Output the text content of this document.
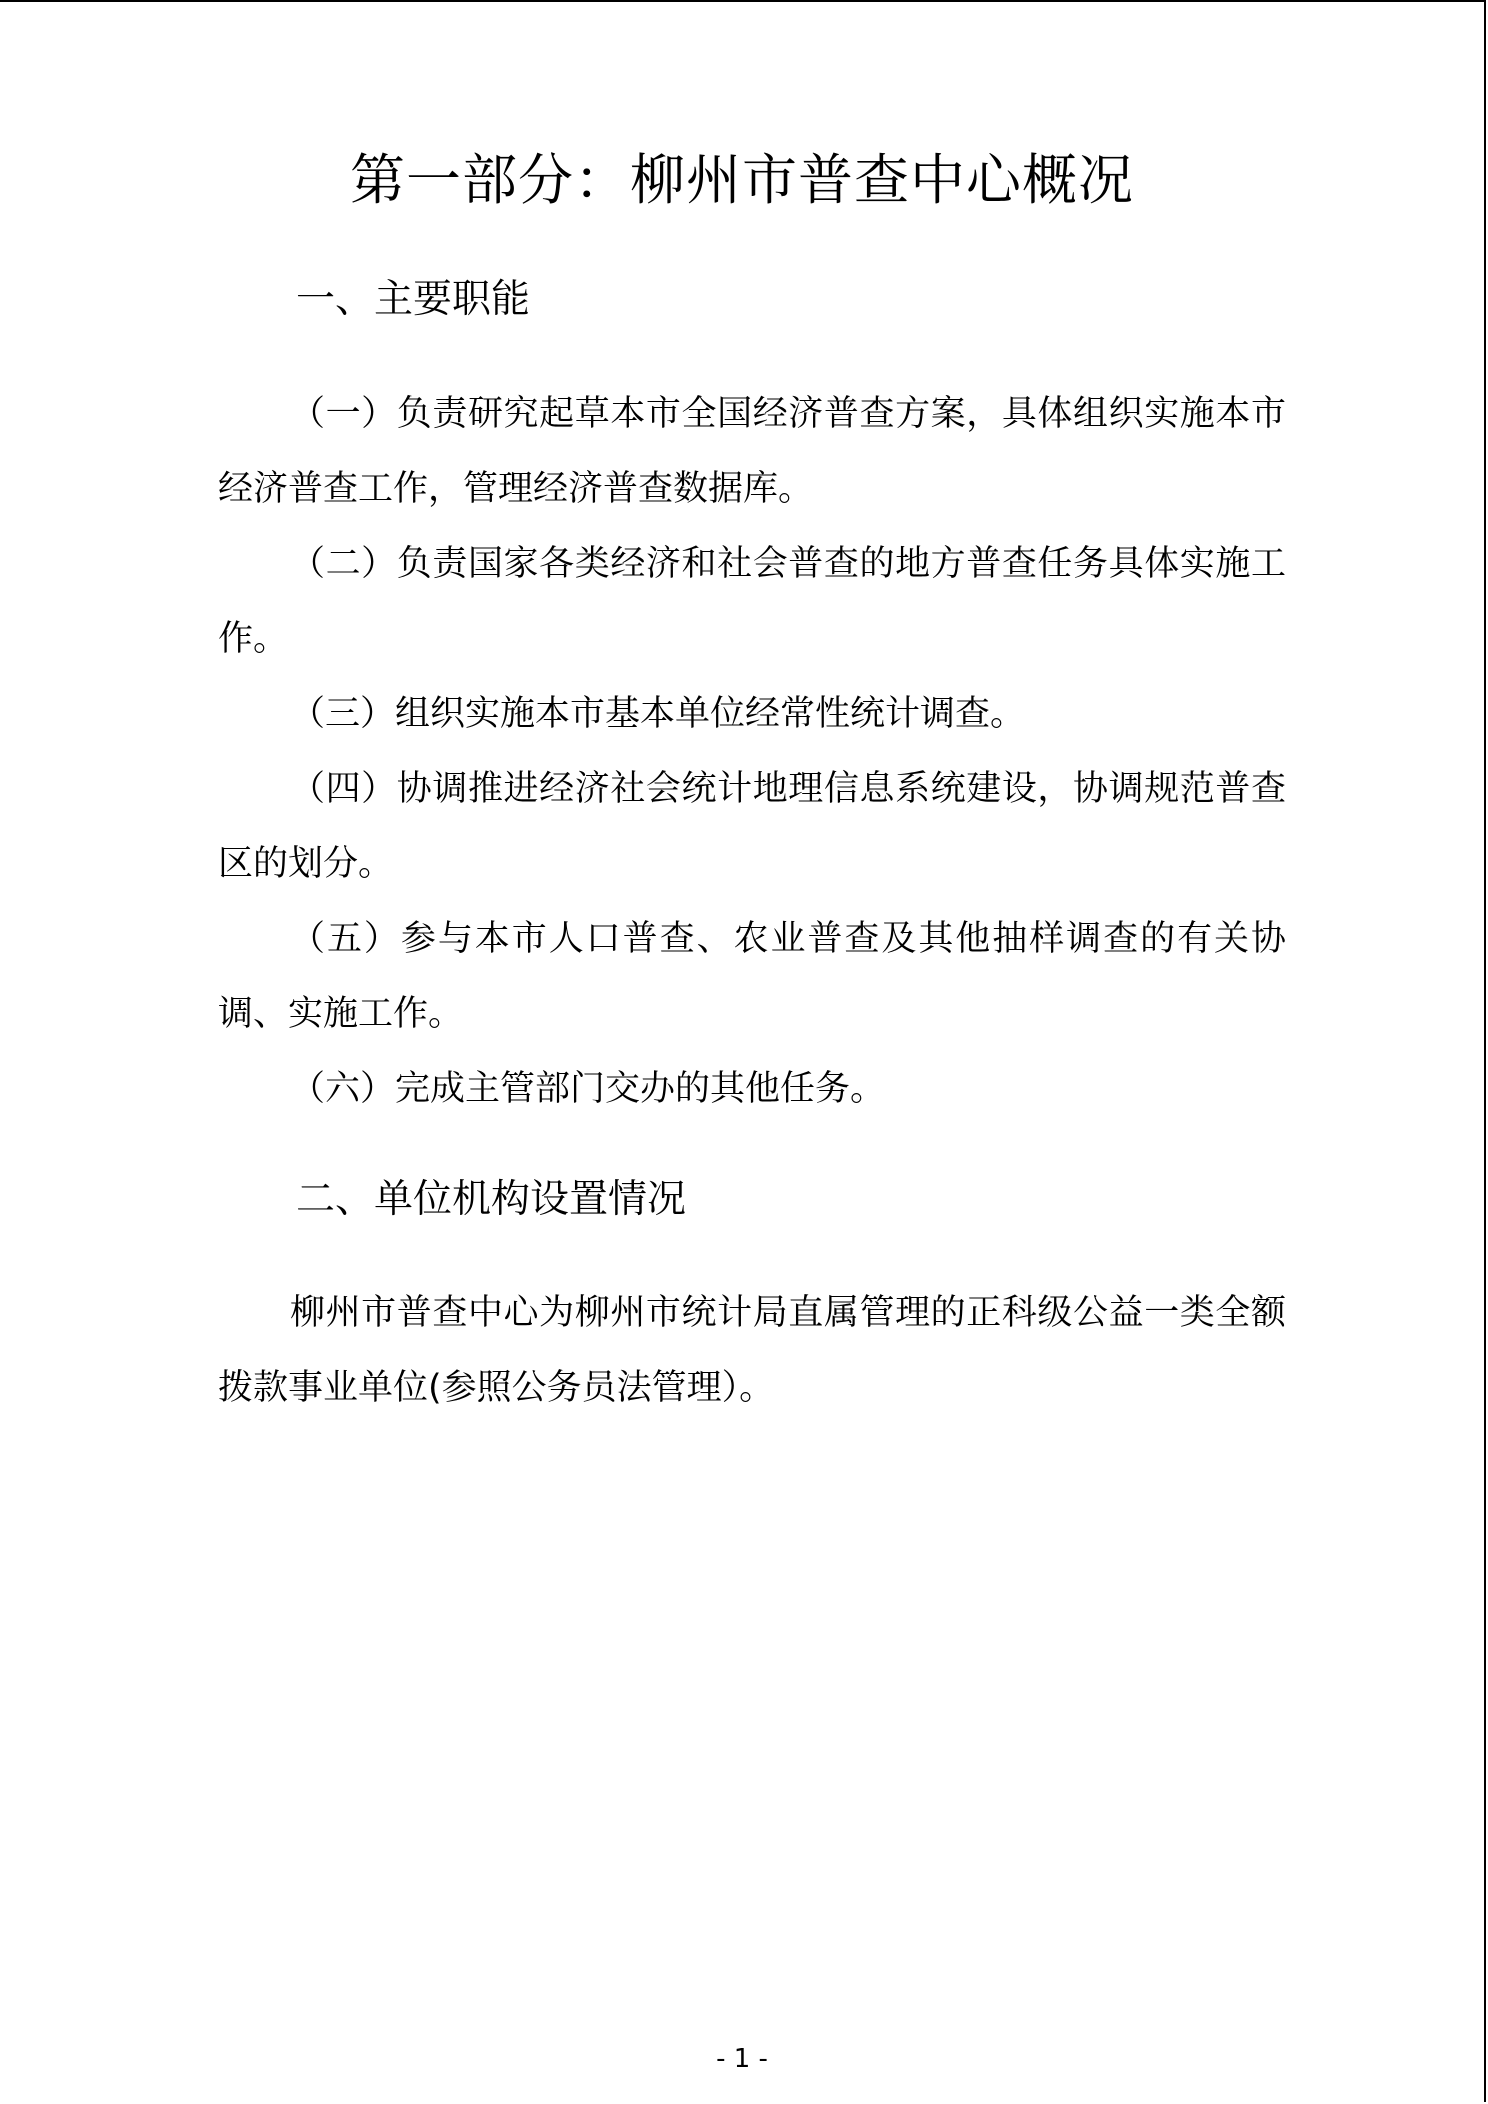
第一部分：柳州市普查中心概况
一、主要职能

（一）负责研究起草本市全国经济普查方案，具体组织实施本市经济普查工作，管理经济普查数据库。

（二）负责国家各类经济和社会普查的地方普查任务具体实施工作。

（三）组织实施本市基本单位经常性统计调查。

（四）协调推进经济社会统计地理信息系统建设，协调规范普查区的划分。

（五）参与本市人口普查、农业普查及其他抽样调查的有关协调、实施工作。

（六）完成主管部门交办的其他任务。

二、单位机构设置情况

柳州市普查中心为柳州市统计局直属管理的正科级公益一类全额拨款事业单位(参照公务员法管理）。

- 1 -
